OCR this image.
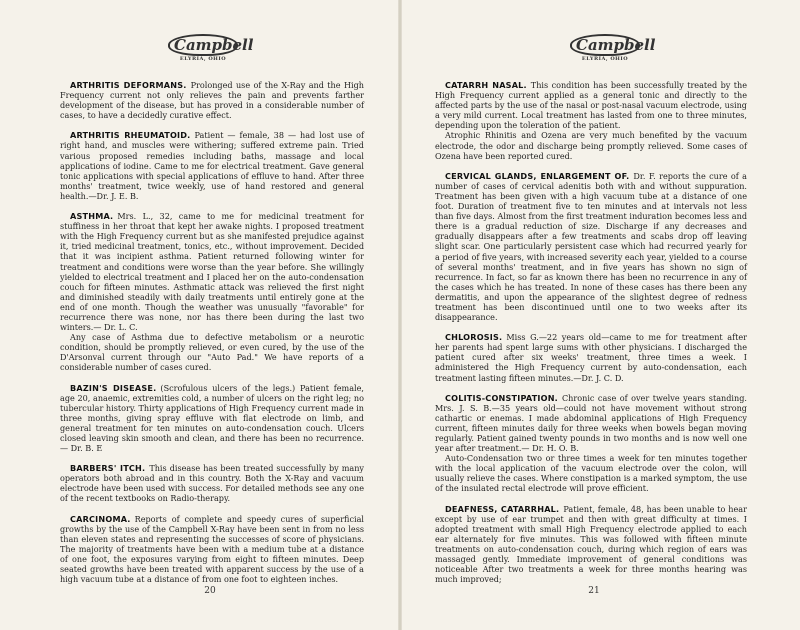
Campbell
ELYRIA, OHIO

ARTHRITIS DEFORMANS. Prolonged use of the X-Ray and the High Frequency current not only relieves the pain and prevents farther development of the disease, but has proved in a considerable number of cases, to have a decidedly curative effect.

ARTHRITIS RHEUMATOID. Patient — female, 38 — had lost use of right hand, and muscles were withering; suffered extreme pain. Tried various proposed remedies including baths, massage and local applications of iodine. Came to me for electrical treatment. Gave general tonic applications with special applications of effluve to hand. After three months' treatment, twice weekly, use of hand restored and general health.—Dr. J. E. B.

ASTHMA. Mrs. L., 32, came to me for medicinal treatment for stuffiness in her throat that kept her awake nights. I proposed treatment with the High Frequency current but as she manifested prejudice against it, tried medicinal treatment, tonics, etc., without improvement. Decided that it was incipient asthma. Patient returned following winter for treatment and conditions were worse than the year before. She willingly yielded to electrical treatment and I placed her on the auto-condensation couch for fifteen minutes. Asthmatic attack was relieved the first night and diminished steadily with daily treatments until entirely gone at the end of one month. Though the weather was unusually "favorable" for recurrence there was none, nor has there been during the last two winters.— Dr. L. C.

Any case of Asthma due to defective metabolism or a neurotic condition, should be promptly relieved, or even cured, by the use of the D'Arsonval current through our "Auto Pad." We have reports of a considerable number of cases cured.

BAZIN'S DISEASE. (Scrofulous ulcers of the legs.) Patient female, age 20, anaemic, extremities cold, a number of ulcers on the right leg; no tubercular history. Thirty applications of High Frequency current made in three months, giving spray effluve with flat electrode on limb, and general treatment for ten minutes on auto-condensation couch. Ulcers closed leaving skin smooth and clean, and there has been no recurrence. — Dr. B. E

BARBERS' ITCH. This disease has been treated successfully by many operators both abroad and in this country. Both the X-Ray and vacuum electrode have been used with success. For detailed methods see any one of the recent textbooks on Radio-therapy.

CARCINOMA. Reports of complete and speedy cures of superficial growths by the use of the Campbell X-Ray have been sent in from no less than eleven states and representing the successes of score of physicians. The majority of treatments have been with a medium tube at a distance of one foot, the exposures varying from eight to fifteen minutes. Deep seated growths have been treated with apparent success by the use of a high vacuum tube at a distance of from one foot to eighteen inches.

20
Campbell
ELYRIA, OHIO

CATARRH NASAL. This condition has been successfully treated by the High Frequency current applied as a general tonic and directly to the affected parts by the use of the nasal or post-nasal vacuum electrode, using a very mild current. Local treatment has lasted from one to three minutes, depending upon the toleration of the patient.

Atrophic Rhinitis and Ozena are very much benefited by the vacuum electrode, the odor and discharge being promptly relieved. Some cases of Ozena have been reported cured.

CERVICAL GLANDS, ENLARGEMENT OF. Dr. F. reports the cure of a number of cases of cervical adenitis both with and without suppuration. Treatment has been given with a high vacuum tube at a distance of one foot. Duration of treatment five to ten minutes and at intervals not less than five days. Almost from the first treatment induration becomes less and there is a gradual reduction of size. Discharge if any decreases and gradually disappears after a few treatments and scabs drop off leaving slight scar. One particularly persistent case which had recurred yearly for a period of five years, with increased severity each year, yielded to a course of several months' treatment, and in five years has shown no sign of recurrence. In fact, so far as known there has been no recurrence in any of the cases which he has treated. In none of these cases has there been any dermatitis, and upon the appearance of the slightest degree of redness treatment has been discontinued until one to two weeks after its disappearance.

CHLOROSIS. Miss G.—22 years old—came to me for treatment after her parents had spent large sums with other physicians. I discharged the patient cured after six weeks' treatment, three times a week. I administered the High Frequency current by auto-condensation, each treatment lasting fifteen minutes.—Dr. J. C. D.

COLITIS-CONSTIPATION. Chronic case of over twelve years standing. Mrs. J. S. B.—35 years old—could not have movement without strong cathartic or enemas. I made abdominal applications of High Frequency current, fifteen minutes daily for three weeks when bowels began moving regularly. Patient gained twenty pounds in two months and is now well one year after treatment.— Dr. H. O. B.

Auto-Condensation two or three times a week for ten minutes together with the local application of the vacuum electrode over the colon, will usually relieve the cases. Where constipation is a marked symptom, the use of the insulated rectal electrode will prove efficient.

DEAFNESS, CATARRHAL. Patient, female, 48, has been unable to hear except by use of ear trumpet and then with great difficulty at times. I adopted treatment with small High Frequency electrode applied to each ear alternately for five minutes. This was followed with fifteen minute treatments on auto-condensation couch, during which region of ears was massaged gently. Immediate improvement of general conditions was noticeable After two treatments a week for three months hearing was much improved;

21
